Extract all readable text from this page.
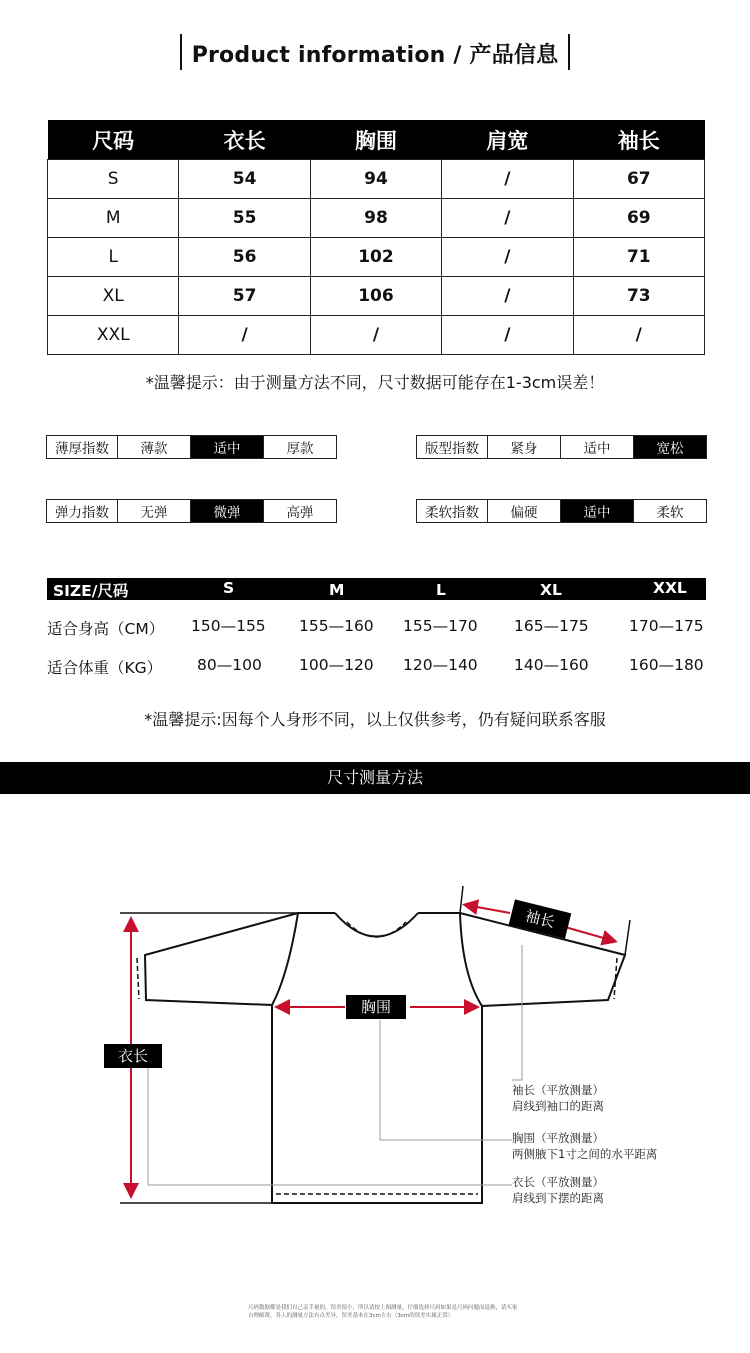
Product information / 产品信息
尺码	衣长	胸围	肩宽	袖长
S	54	94	/	67
M	55	98	/	69
L	56	102	/	71
XL	57	106	/	73
XXL	/	/	/	/
*温馨提示：由于测量方法不同，尺寸数据可能存在1-3cm误差！
薄厚指数	薄款	适中	厚款	版型指数	紧身	适中	宽松
弹力指数	无弹	微弹	高弹	柔软指数	偏硬	适中	柔软
SIZE/尺码	S	M	L	XL	XXL
适合身高（CM） 150—155 155—160 155—170 165—175	170—175
适合体重（KG） 80—100 100—120 120—140 140—160	160—180
*温馨提示:因每个人身形不同，以上仅供参考，仍有疑问联系客服
尺寸测量方法
胸围
衣长
袖长
袖长（平放测量）
肩线到袖口的距离
胸围（平放测量）
两侧腋下1寸之间的水平距离
衣长（平放测量）
肩线到下摆的距离
尺码数据都是我们自己亲手量的，误差很小，所以请按上图测量，仔细选择尺码如果是尺码问题而退换，请买家自理邮费，各人的测量方法有点差异，误差基本在3cm左右（3cm的误差实属正常）
